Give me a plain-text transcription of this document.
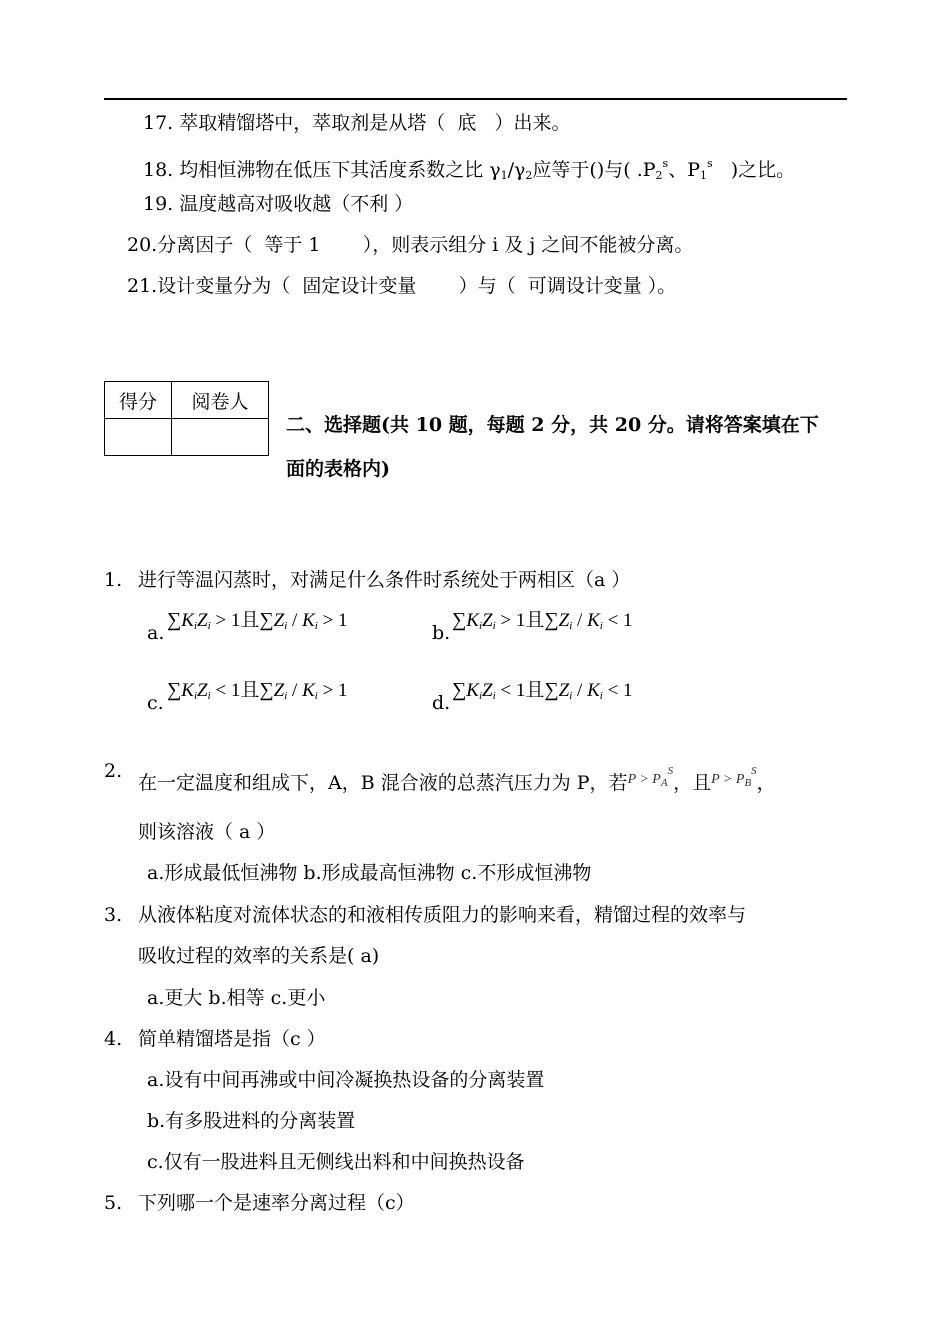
17. 萃取精馏塔中，萃取剂是从塔（ 底 ）出来。
18. 均相恒沸物在低压下其活度系数之比 $\gamma_1/\gamma_2$应等于()与( $.P_2^s$、$P_1^s$ )之比。
19. 温度越高对吸收越（不利 ）
20.分离因子（ 等于 1 ），则表示组分 i 及 j 之间不能被分离。
21.设计变量分为（ 固定设计变量 ）与（ 可调设计变量 ）。
得分	阅卷人

二、选择题(共 10 题，每题 2 分，共 20 分。请将答案填在下
面的表格内)
1. 进行等温闪蒸时，对满足什么条件时系统处于两相区（a ）
a.
$\sum K_iZ_i > 1$且$\sum Z_i / K_i > 1$
b.
$\sum K_iZ_i > 1$且$\sum Z_i / K_i < 1$
c.
$\sum K_iZ_i < 1$且$\sum Z_i / K_i > 1$
d.
$\sum K_iZ_i < 1$且$\sum Z_i / K_i < 1$
2.
在一定温度和组成下，A，B 混合液的总蒸汽压力为 P，若$^{P > P_A^S}$，且$^{P > P_B^S}$，
则该溶液（ a ）
a.形成最低恒沸物 b.形成最高恒沸物 c.不形成恒沸物
3. 从液体粘度对流体状态的和液相传质阻力的影响来看，精馏过程的效率与
吸收过程的效率的关系是( a)
a.更大 b.相等 c.更小
4. 简单精馏塔是指（c ）
a.设有中间再沸或中间冷凝换热设备的分离装置
b.有多股进料的分离装置
c.仅有一股进料且无侧线出料和中间换热设备
5. 下列哪一个是速率分离过程（c）
